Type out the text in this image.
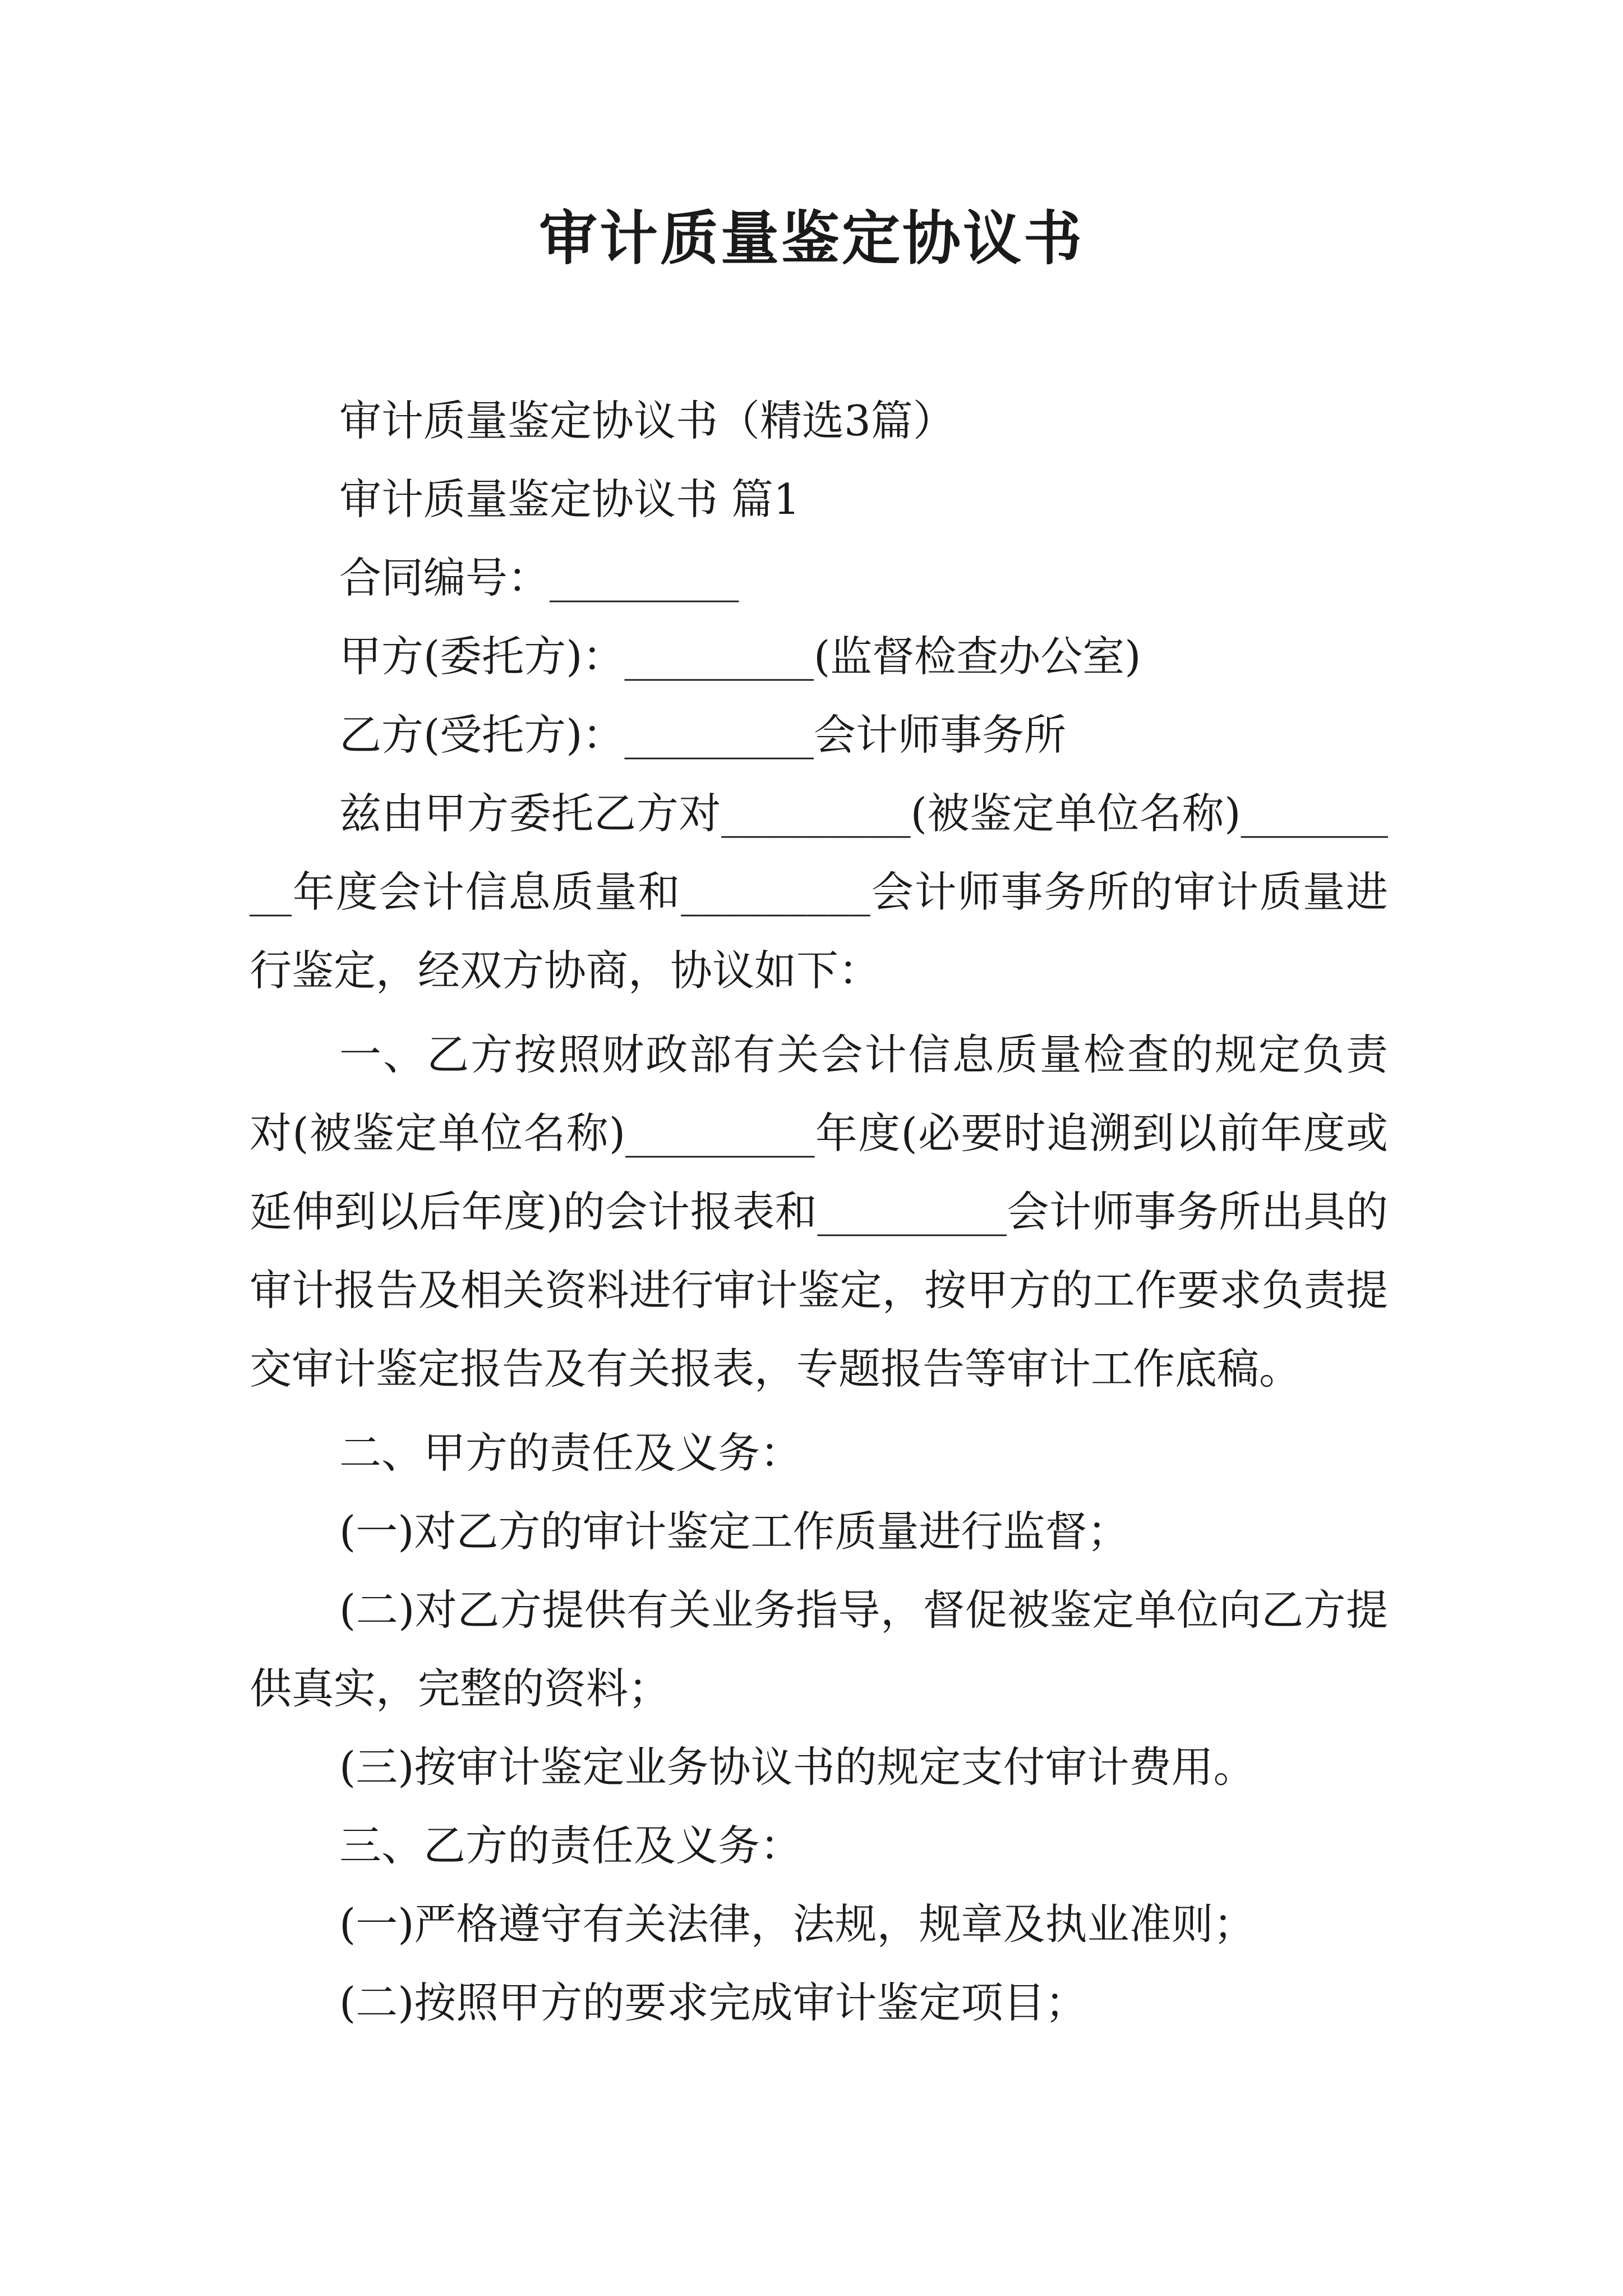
审计质量鉴定协议书

审计质量鉴定协议书（精选3篇）

审计质量鉴定协议书 篇1

合同编号：_________

甲方(委托方)：_________(监督检查办公室)

乙方(受托方)：_________会计师事务所

兹由甲方委托乙方对_________(被鉴定单位名称)_________年度会计信息质量和_________会计师事务所的审计质量进行鉴定，经双方协商，协议如下：

一、乙方按照财政部有关会计信息质量检查的规定负责对(被鉴定单位名称)_________年度(必要时追溯到以前年度或延伸到以后年度)的会计报表和_________会计师事务所出具的审计报告及相关资料进行审计鉴定，按甲方的工作要求负责提交审计鉴定报告及有关报表，专题报告等审计工作底稿。

二、甲方的责任及义务：

(一)对乙方的审计鉴定工作质量进行监督；

(二)对乙方提供有关业务指导，督促被鉴定单位向乙方提供真实，完整的资料；

(三)按审计鉴定业务协议书的规定支付审计费用。

三、乙方的责任及义务：

(一)严格遵守有关法律，法规，规章及执业准则；

(二)按照甲方的要求完成审计鉴定项目；
